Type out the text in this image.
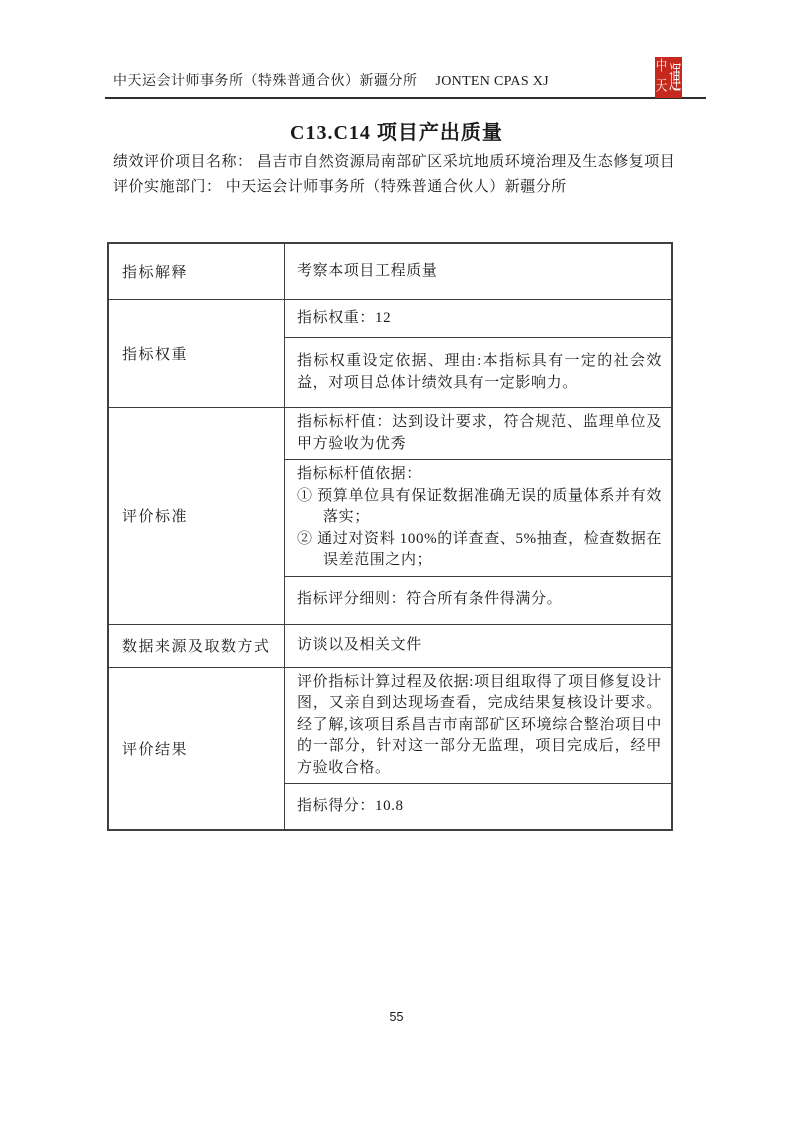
中天运会计师事务所（特殊普通合伙）新疆分所 JONTEN CPAS XJ
中
天 運
C13.C14 项目产出质量

绩效评价项目名称： 昌吉市自然资源局南部矿区采坑地质环境治理及生态修复项目

评价实施部门： 中天运会计师事务所（特殊普通合伙人）新疆分所

指标解释	考察本项目工程质量

指标权重

指标权重：12

指标权重设定依据、理由:本指标具有一定的社会效益，对项目总体计绩效具有一定影响力。

评价标准

指标标杆值：达到设计要求，符合规范、监理单位及甲方验收为优秀

指标标杆值依据：

① 预算单位具有保证数据准确无误的质量体系并有效落实；

② 通过对资料 100%的详查查、5%抽查，检查数据在误差范围之内；

指标评分细则：符合所有条件得满分。

数据来源及取数方式	访谈以及相关文件

评价结果

评价指标计算过程及依据:项目组取得了项目修复设计图，又亲自到达现场查看，完成结果复核设计要求。经了解,该项目系昌吉市南部矿区环境综合整治项目中的一部分，针对这一部分无监理，项目完成后，经甲方验收合格。

指标得分：10.8

55
